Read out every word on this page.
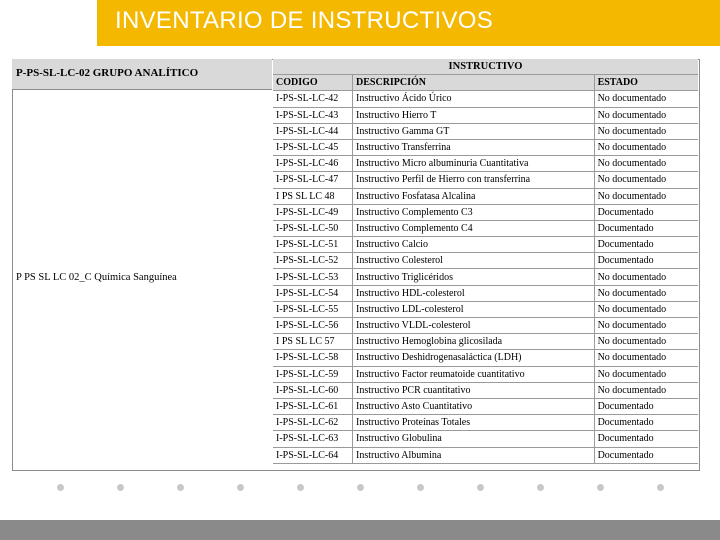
INVENTARIO DE INSTRUCTIVOS
P-PS-SL-LC-02 GRUPO ANALÍTICO
P PS SL LC 02_C Química Sanguínea
INSTRUCTIVO		
CODIGO	DESCRIPCIÓN	ESTADO
I-PS-SL-LC-42	Instructivo Ácido Úrico	No documentado
I-PS-SL-LC-43	Instructivo Hierro T	No documentado
I-PS-SL-LC-44	Instructivo Gamma GT	No documentado
I-PS-SL-LC-45	Instructivo Transferrina	No documentado
I-PS-SL-LC-46	Instructivo Micro albuminuria Cuantitativa	No documentado
I-PS-SL-LC-47	Instructivo Perfil de Hierro con transferrina	No documentado
I PS SL LC 48	Instructivo Fosfatasa Alcalina	No documentado
I-PS-SL-LC-49	Instructivo Complemento C3	Documentado
I-PS-SL-LC-50	Instructivo Complemento C4	Documentado
I-PS-SL-LC-51	Instructivo Calcio	Documentado
I-PS-SL-LC-52	Instructivo Colesterol	Documentado
I-PS-SL-LC-53	Instructivo Triglicéridos	No documentado
I-PS-SL-LC-54	Instructivo HDL-colesterol	No documentado
I-PS-SL-LC-55	Instructivo LDL-colesterol	No documentado
I-PS-SL-LC-56	Instructivo VLDL-colesterol	No documentado
I PS SL LC 57	Instructivo Hemoglobina glicosilada	No documentado
I-PS-SL-LC-58	Instructivo Deshidrogenasaláctica (LDH)	No documentado
I-PS-SL-LC-59	Instructivo Factor reumatoide cuantitativo	No documentado
I-PS-SL-LC-60	Instructivo PCR cuantitativo	No documentado
I-PS-SL-LC-61	Instructivo Asto Cuantitativo	Documentado
I-PS-SL-LC-62	Instructivo Proteínas Totales	Documentado
I-PS-SL-LC-63	Instructivo Globulina	Documentado
I-PS-SL-LC-64	Instructivo Albumina	Documentado
